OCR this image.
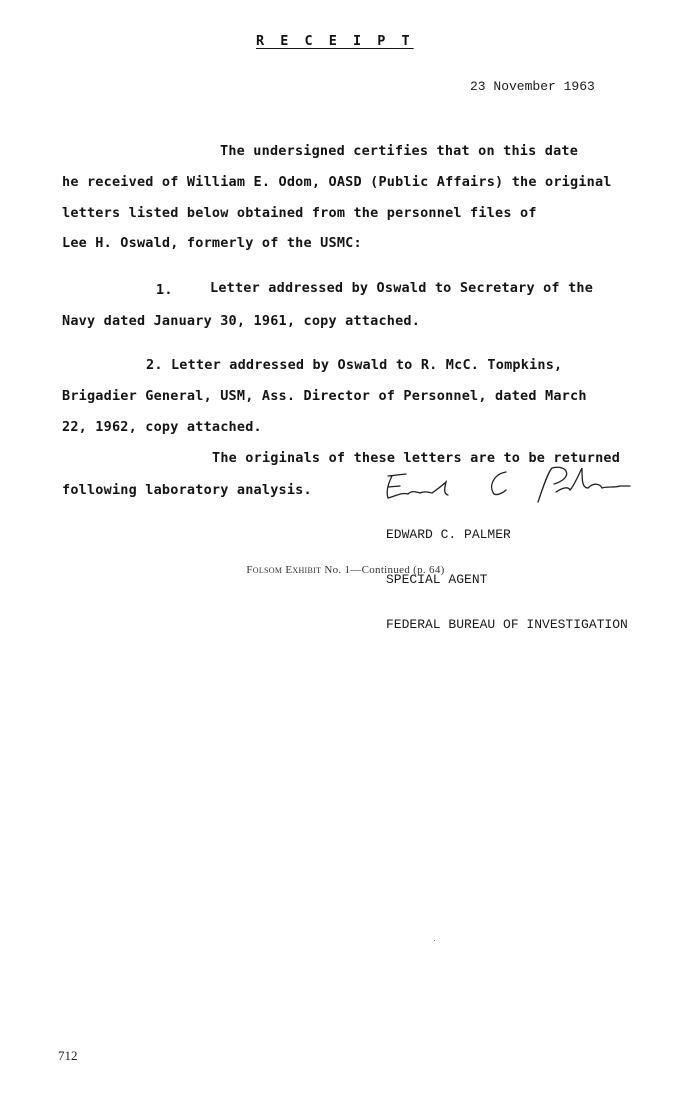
R E C E I P T
23 November 1963
The undersigned certifies that on this date
he received of William E. Odom, OASD (Public Affairs) the original
letters listed below obtained from the personnel files of
Lee H. Oswald, formerly of the USMC:
1.	Letter addressed by Oswald to Secretary of the
Navy dated January 30, 1961, copy attached.
2. Letter addressed by Oswald to R. McC. Tompkins,
Brigadier General, USM, Ass. Director of Personnel, dated March
22, 1962, copy attached.
The originals of these letters are to be returned
following laboratory analysis.

EDWARD C. PALMER

SPECIAL AGENT

FEDERAL BUREAU OF INVESTIGATION

Folsom Exhibit No. 1—Continued (p. 64)
712
